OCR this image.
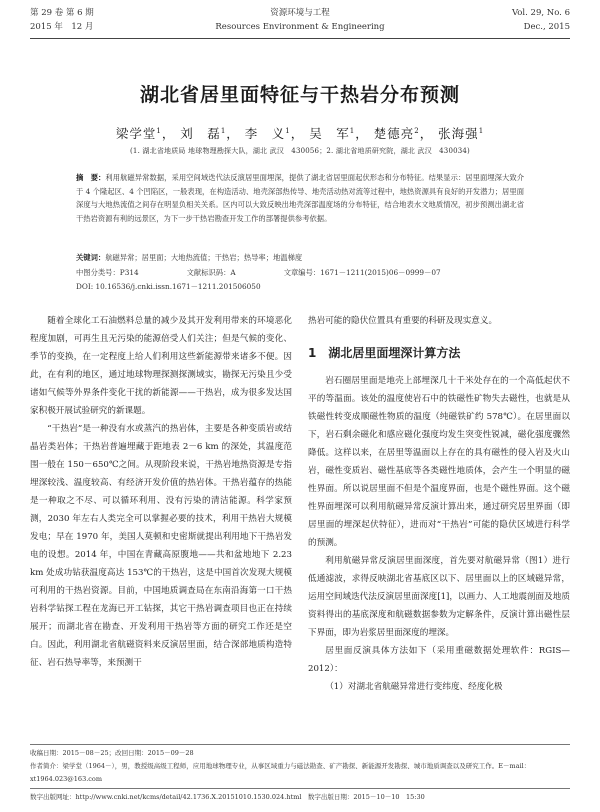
第 29 卷 第 6 期	资源环境与工程	Vol. 29, No. 6
2015 年　12 月	Resources Environment & Engineering	Dec., 2015
湖北省居里面特征与干热岩分布预测
梁学堂$^1$， 刘　磊$^1$， 李　义$^1$， 吴　军$^1$， 楚德亮$^2$， 张海强$^1$
(1. 湖北省地质局 地球物理勘探大队，湖北 武汉　430056；2. 湖北省地质研究院，湖北 武汉　430034)
摘　要：利用航磁异常数据，采用空间域迭代法反演居里面埋深，提供了湖北省居里面起伏形态和分布特征。结果显示：居里面埋深大致介于 4 个隆起区、4 个凹陷区，一般表现，在构造活动、地壳深部热传导、地壳活动热对流等过程中，地热资源具有良好的开发潜力；居里面深度与大地热流值之间存在明显负相关关系。区内可以大致反映出地壳深部温度场的分布特征，结合地表水文地质情况，初步预测出湖北省干热岩资源有利的远景区，为下一步干热岩勘查开发工作的部署提供参考依据。
关键词：航磁异常；居里面；大地热流值；干热岩；热导率；地温梯度
中图分类号：P314	文献标识码：A	文章编号：1671－1211(2015)06－0999－07
DOI: 10.16536/j.cnki.issn.1671－1211.201506050

随着全球化工石油燃料总量的减少及其开发利用带来的环境恶化程度加剧，可再生且无污染的能源倍受人们关注；但是气候的变化、季节的变换，在一定程度上给人们利用这些新能源带来诸多不便。因此，在有利的地区，通过地球物理探测探测域实，勘探无污染且少受诸如气候等外界条件变化干扰的新能源——干热岩，成为很多发达国家积极开展试验研究的新课题。

“干热岩”是一种没有水或蒸汽的热岩体，主要是各种变质岩或结晶岩类岩体；干热岩普遍埋藏于距地表 2－6 km 的深处，其温度范围一般在 150－650℃之间。从现阶段来说，干热岩地热资源是专指埋深较浅、温度较高、有经济开发价值的热岩体。干热岩蕴存的热能是一种取之不尽、可以循环利用、没有污染的清洁能源。科学家预测，2030 年左右人类完全可以掌握必要的技术，利用干热岩大规模发电；早在 1970 年，美国人莫顿和史密斯就提出利用地下干热岩发电的设想。2014 年，中国在青藏高原腹地——共和盆地地下 2.23 km 处成功钻获温度高达 153℃的干热岩，这是中国首次发现大规模可利用的干热岩资源。目前，中国地质调查局在东南沿海第一口干热岩科学钻探工程在龙海已开工钻探，其它干热岩调查项目也正在持续展开；而湖北省在勘查、开发利用干热岩等方面的研究工作还是空白。因此，利用湖北省航磁资料来反演居里面，结合深部地质构造特征、岩石热导率等，来预测干

热岩可能的隐伏位置具有重要的科研及现实意义。
1　湖北居里面埋深计算方法

岩石圈居里面是地壳上部埋深几十千米处存在的一个高低起伏不平的等温面。该处的温度使岩石中的铁磁性矿物失去磁性，也就是从铁磁性转变成顺磁性物质的温度（纯磁铁矿约 578℃）。在居里面以下，岩石剩余磁化和感应磁化强度均发生突变性锐减，磁化强度骤然降低。这样以来，在居里等温面以上存在的具有磁性的侵入岩及火山岩，磁性变质岩、磁性基底等各类磁性地质体，会产生一个明显的磁性界面。所以说居里面不但是个温度界面，也是个磁性界面。这个磁性界面埋深可以利用航磁异常反演计算出来，通过研究居里界面（即居里面的埋深起伏特征），进而对“干热岩”可能的隐伏区域进行科学的预测。

利用航磁异常反演居里面深度，首先要对航磁异常（图1）进行低通滤波，求得反映湖北省基底区以下、居里面以上的区域磁异常，运用空间域迭代法反演居里面深度[1]，以画力、人工地震剖面及地质资料得出的基底深度和航磁数据参数为定解条件，反演计算出磁性层下界面，即为岩浆居里面深度的埋深。

居里面反演具体方法如下（采用重磁数据处理软件：RGIS—2012）：

（1）对湖北省航磁异常进行变纬度、经度化极

收稿日期：2015－08－25；改回日期：2015－09－28
作者简介：梁学堂（1964－），男，教授级高级工程师，应用地球物理专业，从事区域重力与磁法勘查、矿产勘探、新能源开发勘探、城市地质调查以及研究工作。E－mail：xt1964.023@163.com
数字出版网址：http://www.cnki.net/kcms/detail/42.1736.X.20151010.1530.024.html　数字出版日期：2015－10－10　15:30
